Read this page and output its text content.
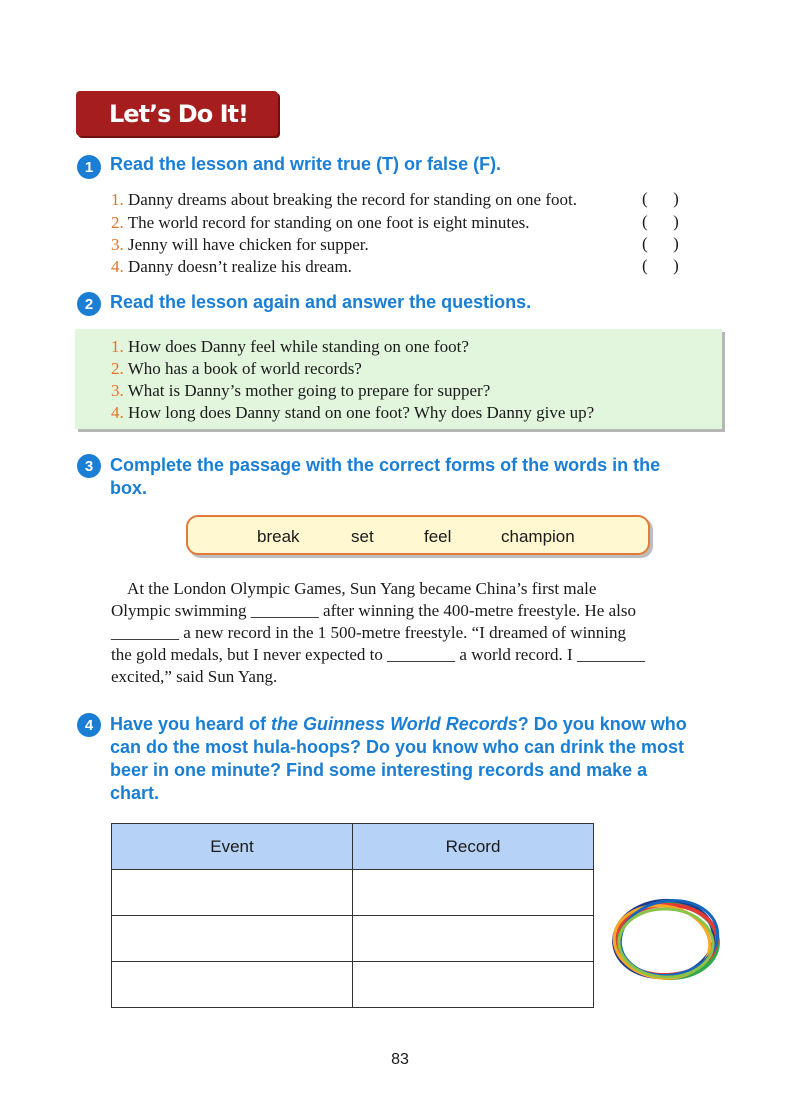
Let’s Do It!
1 Read the lesson and write true (T) or false (F).
1. Danny dreams about breaking the record for standing on one foot.	(      )
2. The world record for standing on one foot is eight minutes.	(      )
3. Jenny will have chicken for supper.	(      )
4. Danny doesn’t realize his dream.	(      )
2 Read the lesson again and answer the questions.
1. How does Danny feel while standing on one foot?
2. Who has a book of world records?
3. What is Danny’s mother going to prepare for supper?
4. How long does Danny stand on one foot? Why does Danny give up?
3 Complete the passage with the correct forms of the words in the
box.
break	set	feel	champion
At the London Olympic Games, Sun Yang became China’s first male
Olympic swimming ________ after winning the 400-metre freestyle. He also
________ a new record in the 1 500-metre freestyle. “I dreamed of winning
the gold medals, but I never expected to ________ a world record. I ________
excited,” said Sun Yang.
4 Have you heard of the Guinness World Records? Do you know who
can do the most hula-hoops? Do you know who can drink the most
beer in one minute? Find some interesting records and make a
chart.
Event	Record

83
